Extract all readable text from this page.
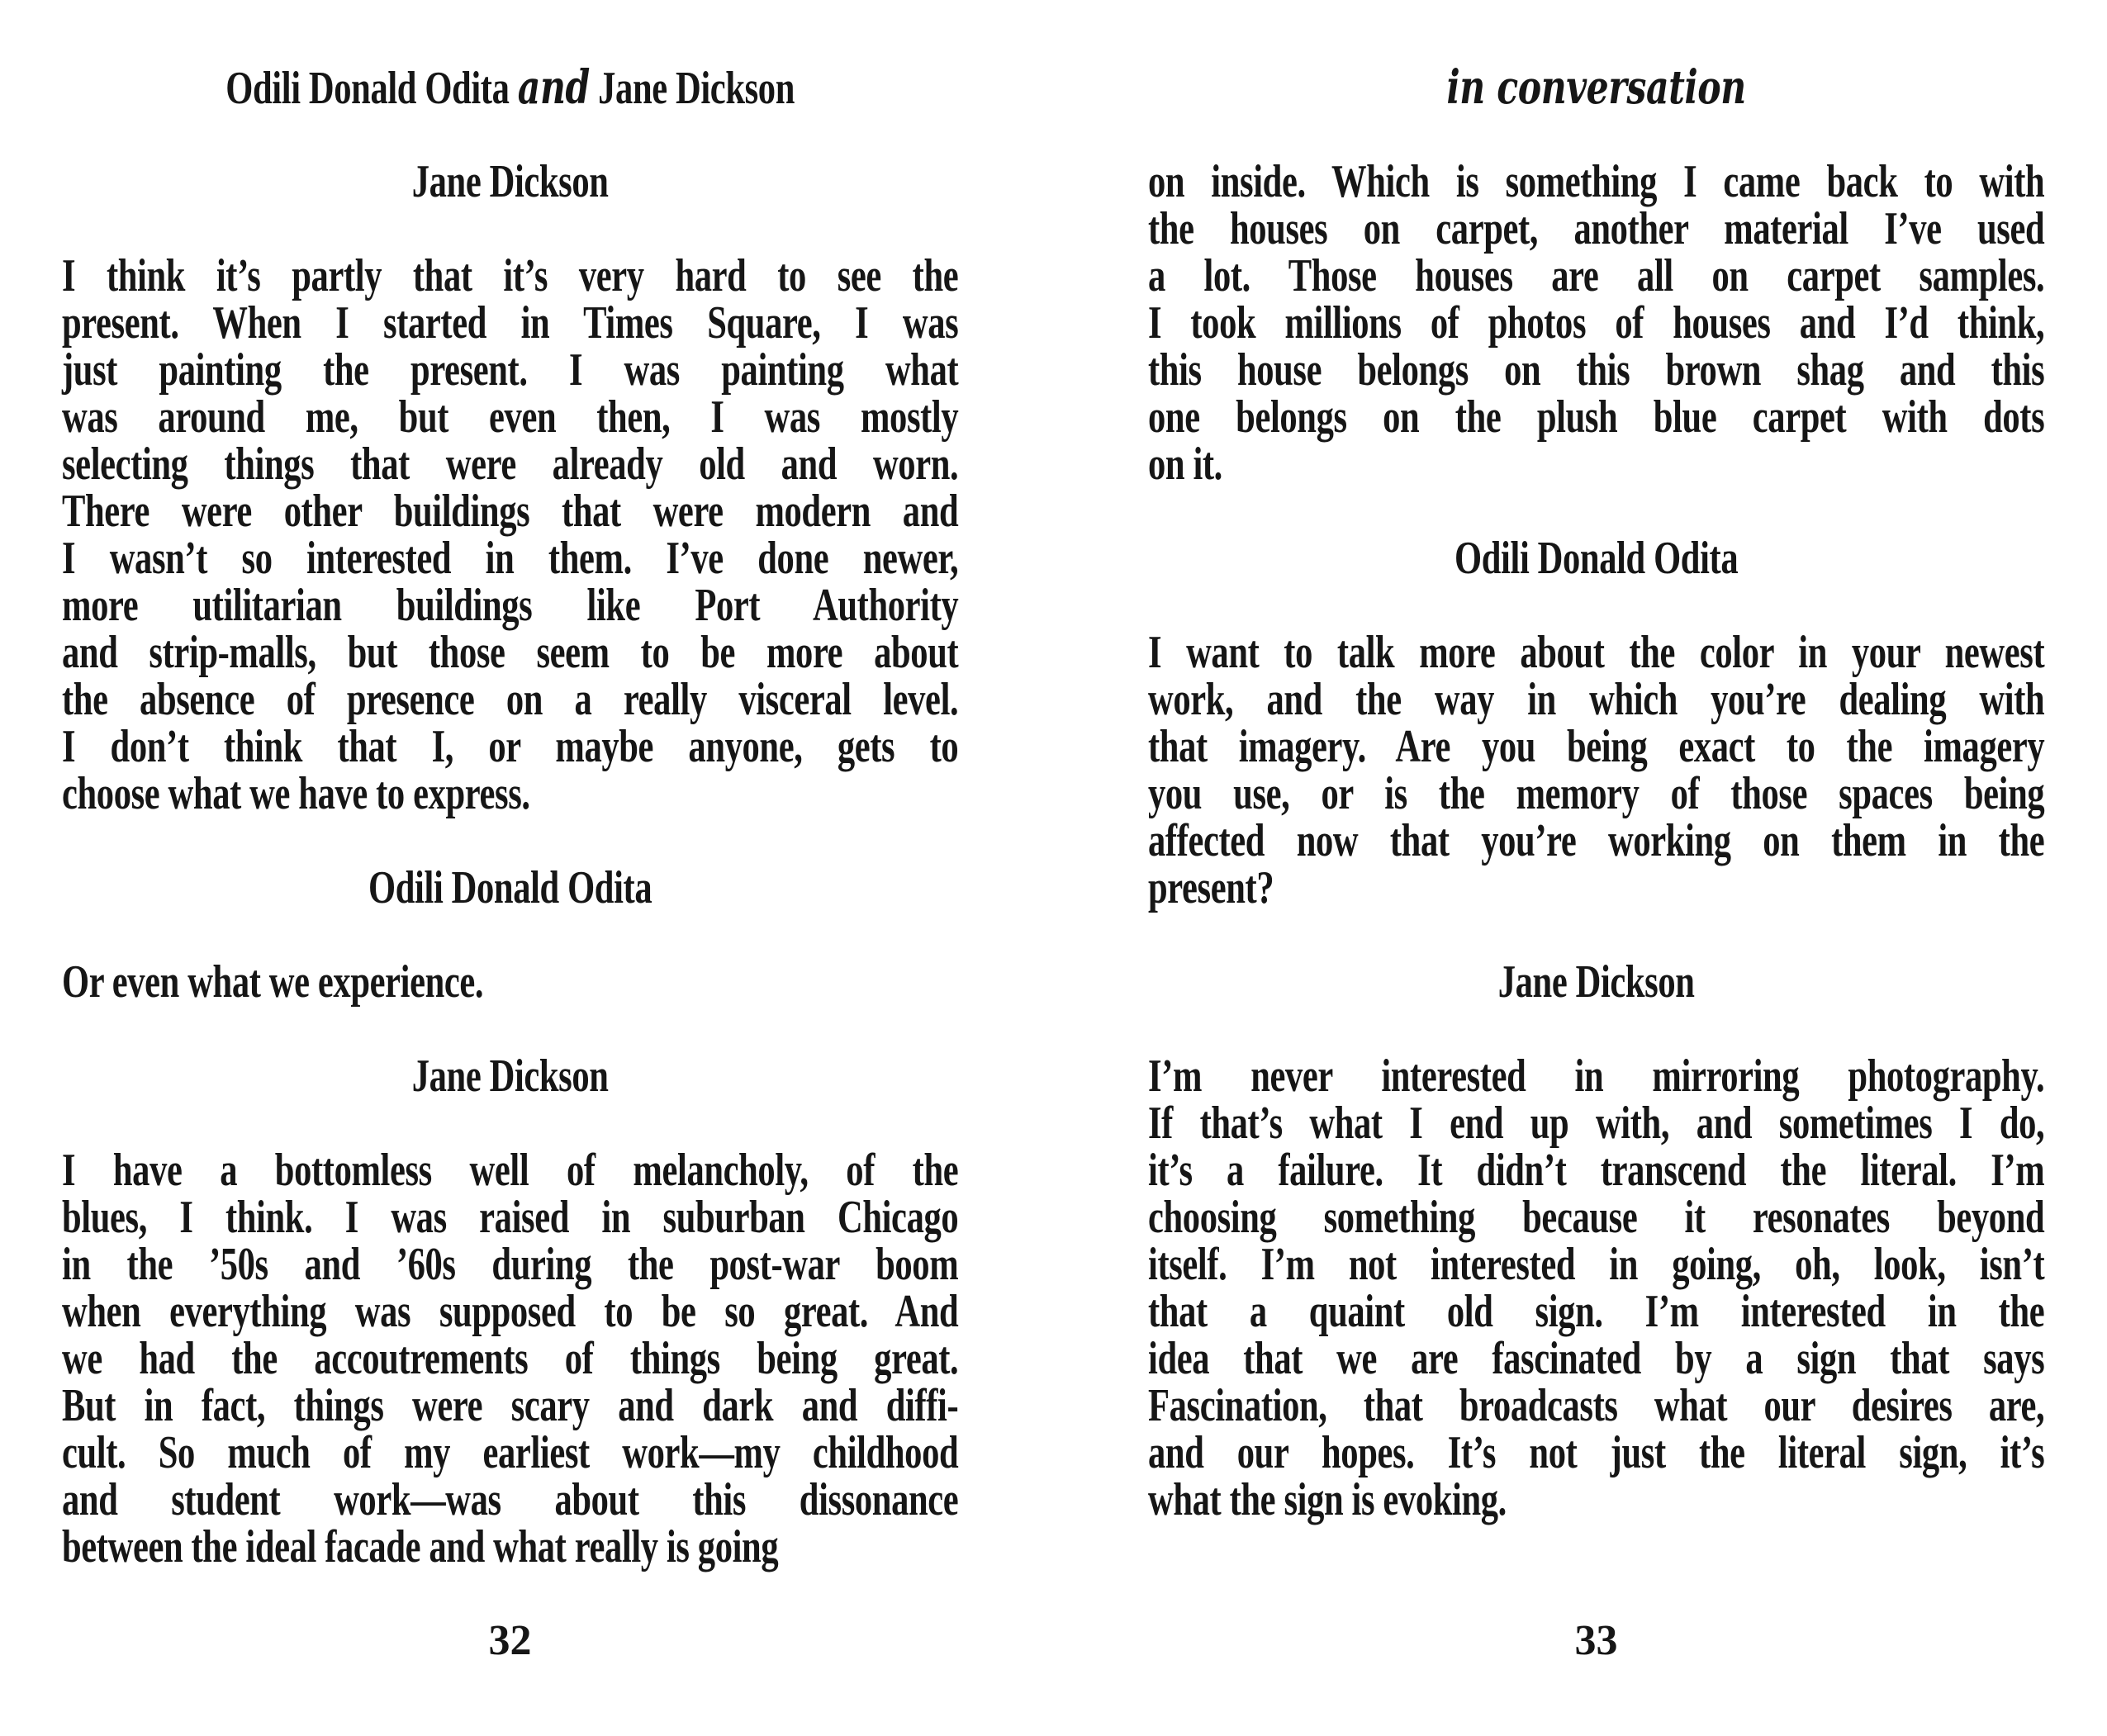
Odili Donald Odita and Jane Dickson
Jane Dickson
I think it’s partly that it’s very hard to see the
present. When I started in Times Square, I was
just painting the present. I was painting what
was around me, but even then, I was mostly
selecting things that were already old and worn.
There were other buildings that were modern and
I wasn’t so interested in them. I’ve done newer,
more utilitarian buildings like Port Authority
and strip-malls, but those seem to be more about
the absence of presence on a really visceral level.
I don’t think that I, or maybe anyone, gets to
choose what we have to express.
Odili Donald Odita
Or even what we experience.
Jane Dickson
I have a bottomless well of melancholy, of the
blues, I think. I was raised in suburban Chicago
in the ’50s and ’60s during the post-war boom
when everything was supposed to be so great. And
we had the accoutrements of things being great.
But in fact, things were scary and dark and diffi-
cult. So much of my earliest work—my childhood
and student work—was about this dissonance
between the ideal facade and what really is going
32
in conversation
on inside. Which is something I came back to with
the houses on carpet, another material I’ve used
a lot. Those houses are all on carpet samples.
I took millions of photos of houses and I’d think,
this house belongs on this brown shag and this
one belongs on the plush blue carpet with dots
on it.
Odili Donald Odita
I want to talk more about the color in your newest
work, and the way in which you’re dealing with
that imagery. Are you being exact to the imagery
you use, or is the memory of those spaces being
affected now that you’re working on them in the
present?
Jane Dickson
I’m never interested in mirroring photography.
If that’s what I end up with, and sometimes I do,
it’s a failure. It didn’t transcend the literal. I’m
choosing something because it resonates beyond
itself. I’m not interested in going, oh, look, isn’t
that a quaint old sign. I’m interested in the
idea that we are fascinated by a sign that says
Fascination, that broadcasts what our desires are,
and our hopes. It’s not just the literal sign, it’s
what the sign is evoking.
33
